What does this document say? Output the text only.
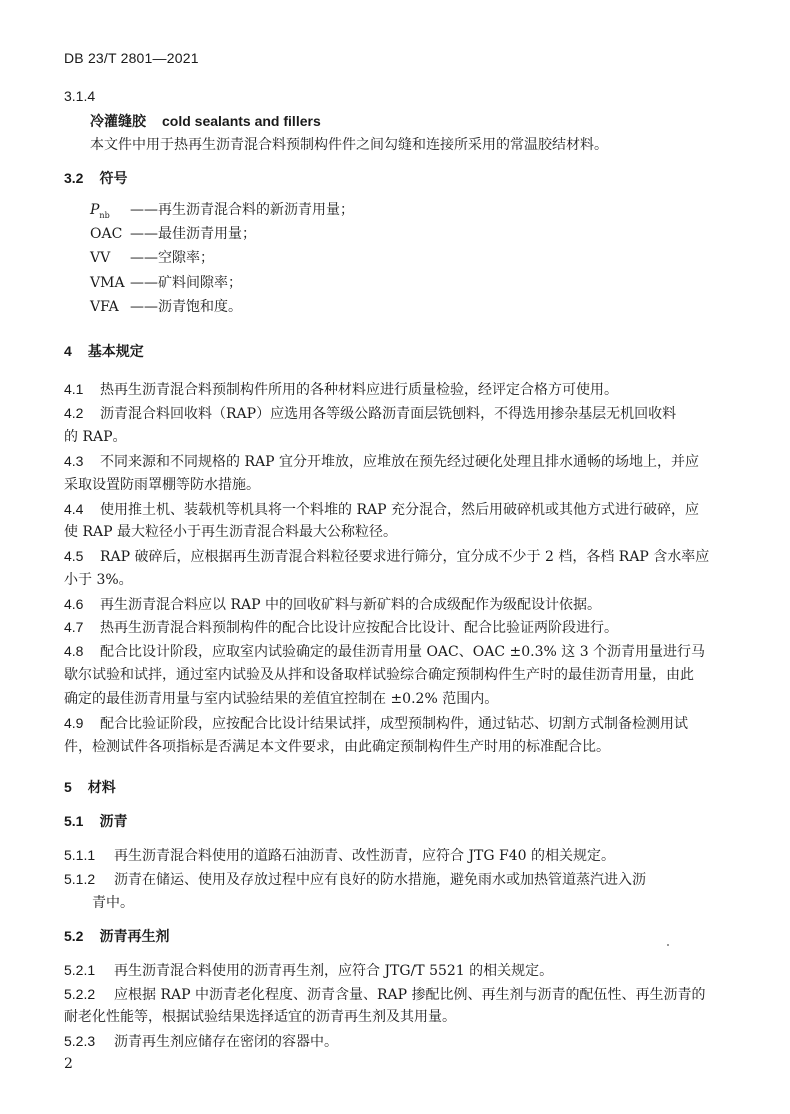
DB 23/T 2801—2021
3.1.4
冷灌缝胶 cold sealants and fillers
本文件中用于热再生沥青混合料预制构件件之间勾缝和连接所采用的常温胶结材料。
3.2 符号
$P_{nb}$ ——再生沥青混合料的新沥青用量；
OAC ——最佳沥青用量；
VV ——空隙率；
VMA ——矿料间隙率；
VFA ——沥青饱和度。
4 基本规定
4.1 热再生沥青混合料预制构件所用的各种材料应进行质量检验，经评定合格方可使用。
4.2 沥青混合料回收料（RAP）应选用各等级公路沥青面层铣刨料，不得选用掺杂基层无机回收料
的 RAP。
4.3 不同来源和不同规格的 RAP 宜分开堆放，应堆放在预先经过硬化处理且排水通畅的场地上，并应
采取设置防雨罩棚等防水措施。
4.4 使用推土机、装载机等机具将一个料堆的 RAP 充分混合，然后用破碎机或其他方式进行破碎，应
使 RAP 最大粒径小于再生沥青混合料最大公称粒径。
4.5 RAP 破碎后，应根据再生沥青混合料粒径要求进行筛分，宜分成不少于 2 档，各档 RAP 含水率应
小于 3%。
4.6 再生沥青混合料应以 RAP 中的回收矿料与新矿料的合成级配作为级配设计依据。
4.7 热再生沥青混合料预制构件的配合比设计应按配合比设计、配合比验证两阶段进行。
4.8 配合比设计阶段，应取室内试验确定的最佳沥青用量 OAC、OAC ±0.3% 这 3 个沥青用量进行马
歇尔试验和试拌，通过室内试验及从拌和设备取样试验综合确定预制构件生产时的最佳沥青用量，由此
确定的最佳沥青用量与室内试验结果的差值宜控制在 ±0.2% 范围内。
4.9 配合比验证阶段，应按配合比设计结果试拌，成型预制构件，通过钻芯、切割方式制备检测用试
件，检测试件各项指标是否满足本文件要求，由此确定预制构件生产时用的标准配合比。
5 材料
5.1 沥青
5.1.1 再生沥青混合料使用的道路石油沥青、改性沥青，应符合 JTG F40 的相关规定。
5.1.2 沥青在储运、使用及存放过程中应有良好的防水措施，避免雨水或加热管道蒸汽进入沥
青中。
5.2 沥青再生剂
5.2.1 再生沥青混合料使用的沥青再生剂，应符合 JTG/T 5521 的相关规定。
5.2.2 应根据 RAP 中沥青老化程度、沥青含量、RAP 掺配比例、再生剂与沥青的配伍性、再生沥青的
耐老化性能等，根据试验结果选择适宜的沥青再生剂及其用量。
5.2.3 沥青再生剂应储存在密闭的容器中。
2
